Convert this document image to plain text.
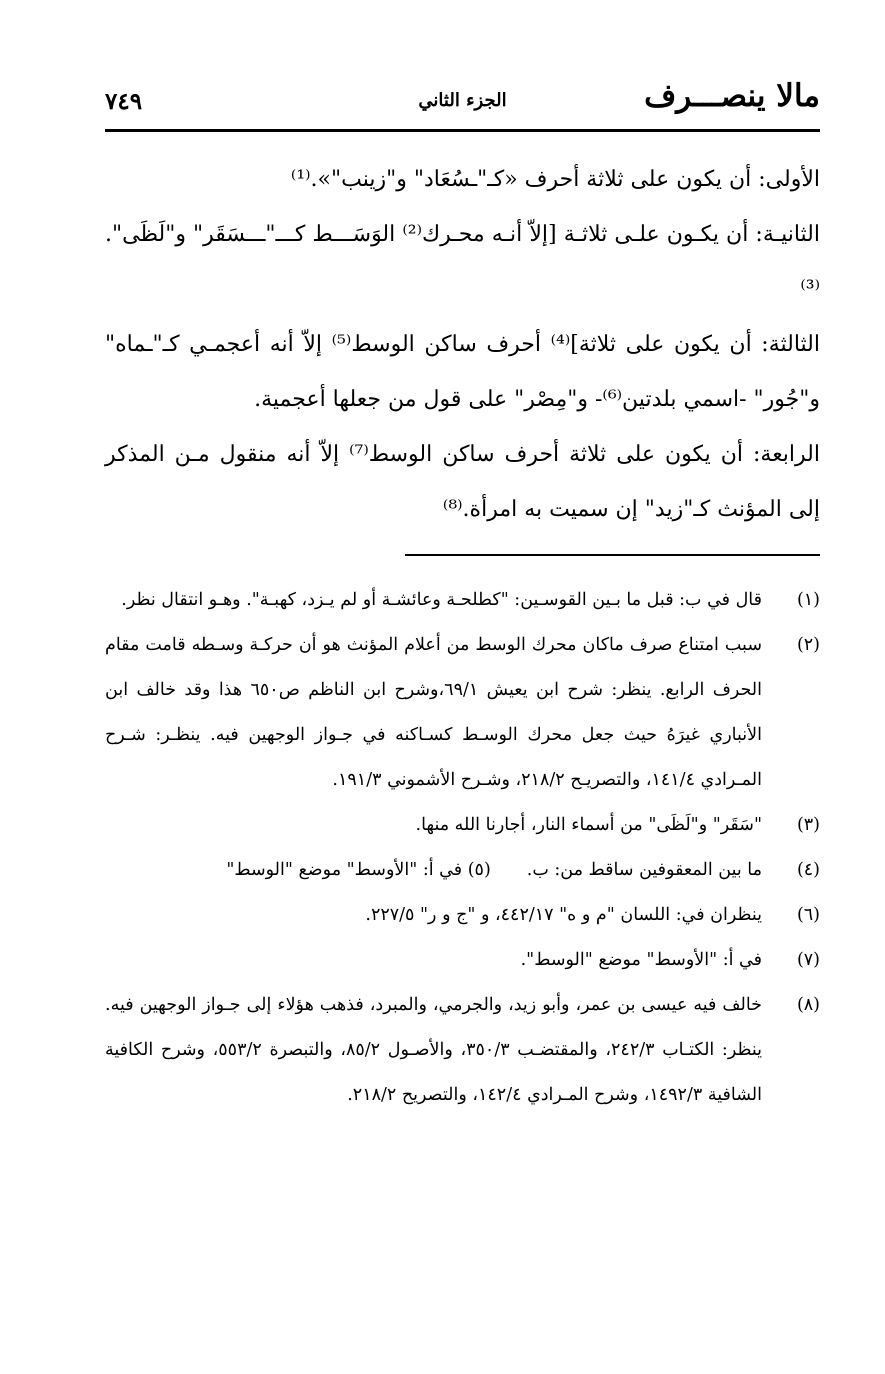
مالا ينصـــرف
الجزء الثاني
٧٤٩

الأولى: أن يكون على ثلاثة أحرف «كـ"ـسُعَاد" و"زينب"».⁽¹⁾

الثانيـة: أن يكـون علـى ثلاثـة [إلاّ أنـه محـرك⁽²⁾ الوَسَـــط كـــ"ـــسَقَر" و"لَظَى".⁽³⁾

الثالثة: أن يكون على ثلاثة]⁽⁴⁾ أحرف ساكن الوسط⁽⁵⁾ إلاّ أنه أعجمـي كـ"ـماه" و"جُور" -اسمي بلدتين⁽⁶⁾- و"مِصْر" على قول من جعلها أعجمية.

الرابعة: أن يكون على ثلاثة أحرف ساكن الوسط⁽⁷⁾ إلاّ أنه منقول مـن المذكر إلى المؤنث كـ"زيد" إن سميت به امرأة.⁽⁸⁾

(١)
قال في ب: قبل ما بـين القوسـين: "كطلحـة وعائشـة أو لم يـزد، كهبـة". وهـو انتقال نظر.
(٢)
سبب امتناع صرف ماكان محرك الوسط من أعلام المؤنث هو أن حركـة وسـطه قامت مقام الحرف الرابع. ينظر: شرح ابن يعيش ٦٩/١،وشرح ابن الناظم ص٦٥٠ هذا وقد خالف ابن الأنباري غيرَهُ حيث جعل محرك الوسـط كسـاكنه في جـواز الوجهين فيه. ينظـر: شـرح المـرادي ١٤١/٤، والتصريـح ٢١٨/٢، وشـرح الأشموني ١٩١/٣.
(٣)
"سَقَر" و"لَظَى" من أسماء النار، أجارنا الله منها.
(٤)
ما بين المعقوفين ساقط من: ب.(٥) في أ: "الأوسط" موضع "الوسط"
(٦)
ينظران في: اللسان "م و ه" ٤٤٢/١٧، و "ج و ر" ٢٢٧/٥.
(٧)
في أ: "الأوسط" موضع "الوسط".
(٨)
خالف فيه عيسى بن عمر، وأبو زيد، والجرمي، والمبرد، فذهب هؤلاء إلى جـواز الوجهين فيه. ينظر: الكتـاب ٢٤٢/٣، والمقتضـب ٣٥٠/٣، والأصـول ٨٥/٢، والتبصرة ٥٥٣/٢، وشرح الكافية الشافية ١٤٩٢/٣، وشرح المـرادي ١٤٢/٤، والتصريح ٢١٨/٢.
